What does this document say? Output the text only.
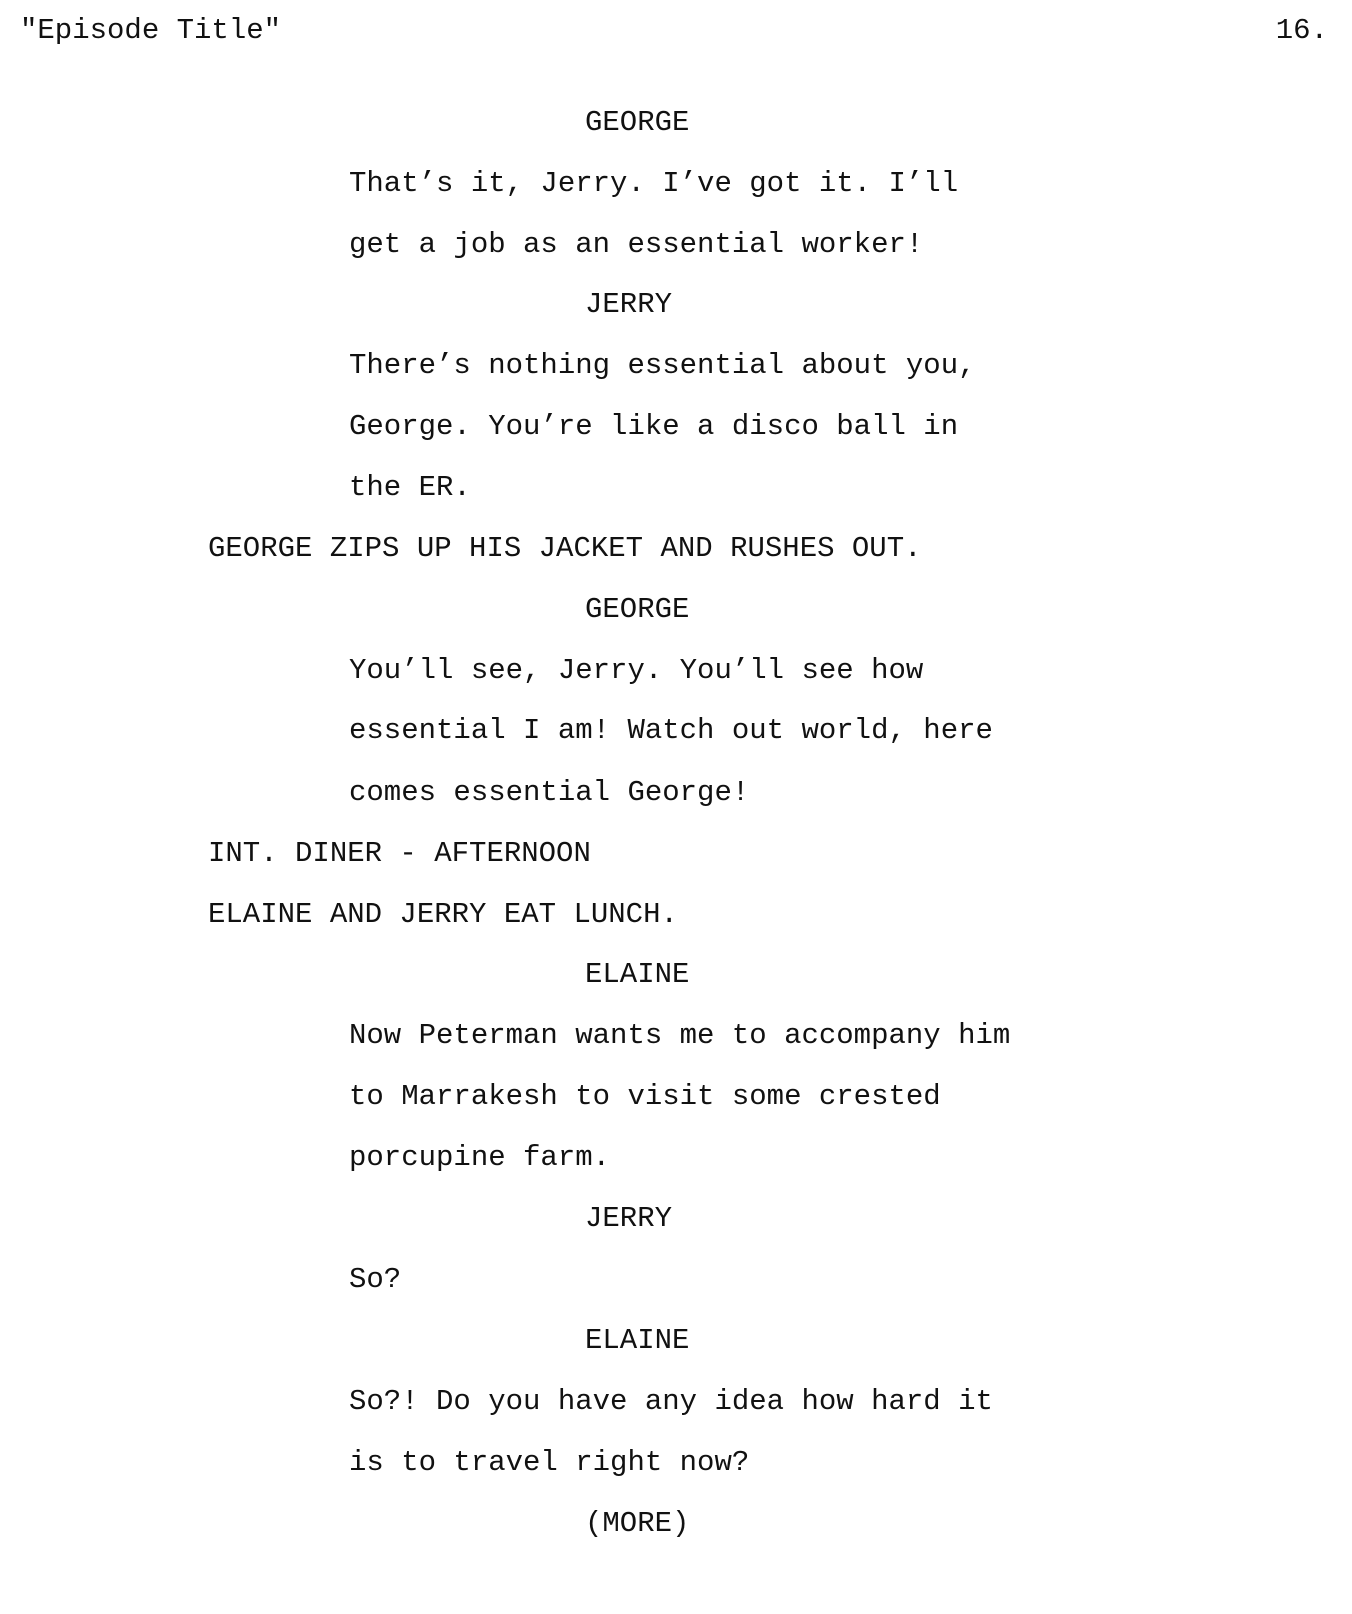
"Episode Title"	16.
GEORGE
That’s it, Jerry. I’ve got it. I’ll
get a job as an essential worker!
JERRY
There’s nothing essential about you,
George. You’re like a disco ball in
the ER.
GEORGE ZIPS UP HIS JACKET AND RUSHES OUT.
GEORGE
You’ll see, Jerry. You’ll see how
essential I am! Watch out world, here
comes essential George!
INT. DINER - AFTERNOON
ELAINE AND JERRY EAT LUNCH.
ELAINE
Now Peterman wants me to accompany him
to Marrakesh to visit some crested
porcupine farm.
JERRY
So?
ELAINE
So?! Do you have any idea how hard it
is to travel right now?
(MORE)
